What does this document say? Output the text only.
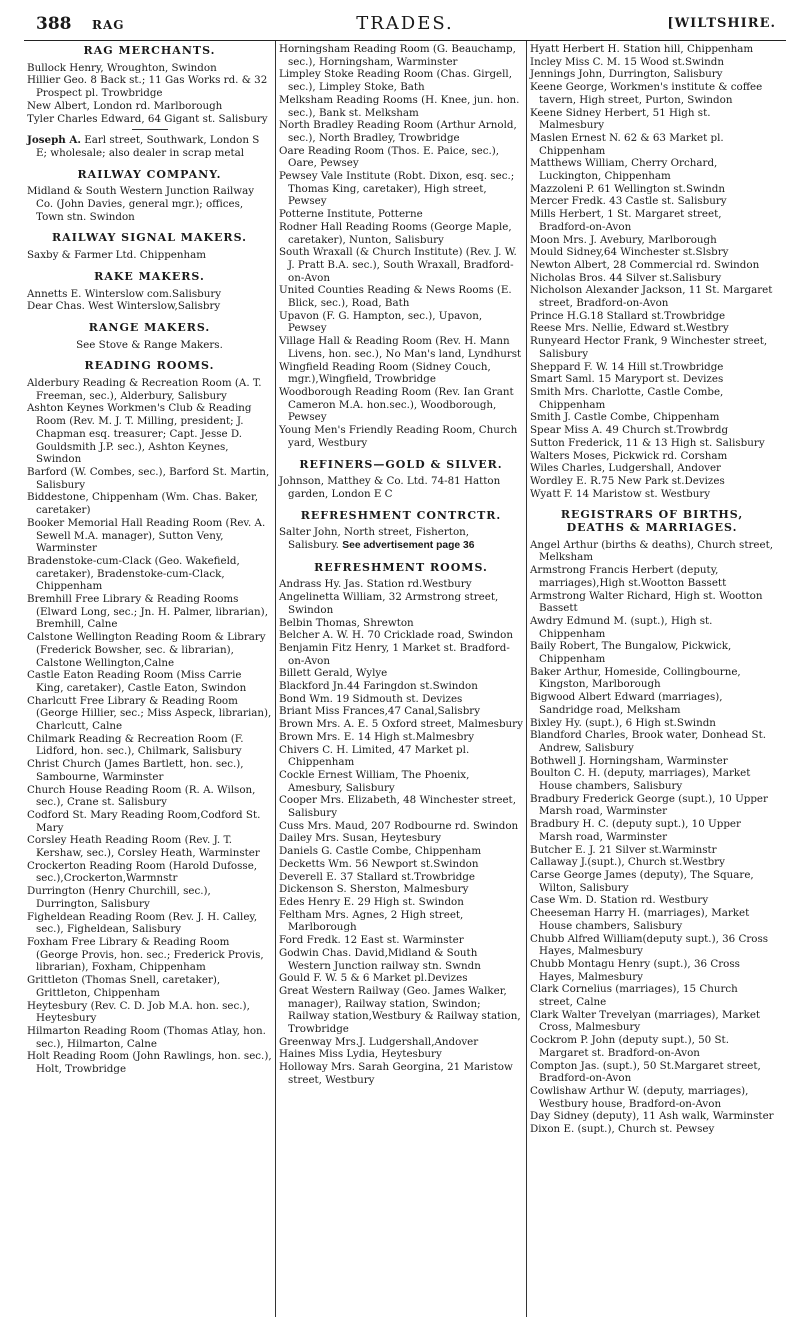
388 RAG	TRADES.	[WILTSHIRE.
RAG MERCHANTS.
Bullock Henry, Wroughton, Swindon
Hillier Geo. 8 Back st.; 11 Gas Works rd. & 32 Prospect pl. Trowbridge
New Albert, London rd. Marlborough
Tyler Charles Edward, 64 Gigant st. Salisbury
Joseph A. Earl street, Southwark, London S E; wholesale; also dealer in scrap metal
RAILWAY COMPANY.
Midland & South Western Junction Railway Co. (John Davies, general mgr.); offices, Town stn. Swindon
RAILWAY SIGNAL MAKERS.
Saxby & Farmer Ltd. Chippenham
RAKE MAKERS.
Annetts E. Winterslow com.Salisbury
Dear Chas. West Winterslow,Salisbry
RANGE MAKERS.
See Stove & Range Makers.
READING ROOMS.
Alderbury Reading & Recreation Room (A. T. Freeman, sec.), Alderbury, Salisbury
Ashton Keynes Workmen's Club & Reading Room (Rev. M. J. T. Milling, president; J. Chapman esq. treasurer; Capt. Jesse D. Gouldsmith J.P. sec.), Ashton Keynes, Swindon
Barford (W. Combes, sec.), Barford St. Martin, Salisbury
Biddestone, Chippenham (Wm. Chas. Baker, caretaker)
Booker Memorial Hall Reading Room (Rev. A. Sewell M.A. manager), Sutton Veny, Warminster
Bradenstoke-cum-Clack (Geo. Wakefield, caretaker), Bradenstoke-cum-Clack, Chippenham
Bremhill Free Library & Reading Rooms (Elward Long, sec.; Jn. H. Palmer, librarian), Bremhill, Calne
Calstone Wellington Reading Room & Library (Frederick Bowsher, sec. & librarian), Calstone Wellington,Calne
Castle Eaton Reading Room (Miss Carrie King, caretaker), Castle Eaton, Swindon
Charlcutt Free Library & Reading Room (George Hillier, sec.; Miss Aspeck, librarian), Charlcutt, Calne
Chilmark Reading & Recreation Room (F. Lidford, hon. sec.), Chilmark, Salisbury
Christ Church (James Bartlett, hon. sec.), Sambourne, Warminster
Church House Reading Room (R. A. Wilson, sec.), Crane st. Salisbury
Codford St. Mary Reading Room,Codford St. Mary
Corsley Heath Reading Room (Rev. J. T. Kershaw, sec.), Corsley Heath, Warminster
Crockerton Reading Room (Harold Dufosse, sec.),Crockerton,Warmnstr
Durrington (Henry Churchill, sec.), Durrington, Salisbury
Figheldean Reading Room (Rev. J. H. Calley, sec.), Figheldean, Salisbury
Foxham Free Library & Reading Room (George Provis, hon. sec.; Frederick Provis, librarian), Foxham, Chippenham
Grittleton (Thomas Snell, caretaker), Grittleton, Chippenham
Heytesbury (Rev. C. D. Job M.A. hon. sec.), Heytesbury
Hilmarton Reading Room (Thomas Atlay, hon. sec.), Hilmarton, Calne
Holt Reading Room (John Rawlings, hon. sec.), Holt, Trowbridge
Horningsham Reading Room (G. Beauchamp, sec.), Horningsham, Warminster
Limpley Stoke Reading Room (Chas. Girgell, sec.), Limpley Stoke, Bath
Melksham Reading Rooms (H. Knee, jun. hon. sec.), Bank st. Melksham
North Bradley Reading Room (Arthur Arnold, sec.), North Bradley, Trowbridge
Oare Reading Room (Thos. E. Paice, sec.), Oare, Pewsey
Pewsey Vale Institute (Robt. Dixon, esq. sec.; Thomas King, caretaker), High street, Pewsey
Potterne Institute, Potterne
Rodner Hall Reading Rooms (George Maple, caretaker), Nunton, Salisbury
South Wraxall (& Church Institute) (Rev. J. W. J. Pratt B.A. sec.), South Wraxall, Bradford-on-Avon
United Counties Reading & News Rooms (E. Blick, sec.), Road, Bath
Upavon (F. G. Hampton, sec.), Upavon, Pewsey
Village Hall & Reading Room (Rev. H. Mann Livens, hon. sec.), No Man's land, Lyndhurst
Wingfield Reading Room (Sidney Couch, mgr.),Wingfield, Trowbridge
Woodborough Reading Room (Rev. Ian Grant Cameron M.A. hon.sec.), Woodborough, Pewsey
Young Men's Friendly Reading Room, Church yard, Westbury
REFINERS—GOLD & SILVER.
Johnson, Matthey & Co. Ltd. 74-81 Hatton garden, London E C
REFRESHMENT CONTRCTR.
Salter John, North street, Fisherton, Salisbury. See advertisement page 36
REFRESHMENT ROOMS.
Andrass Hy. Jas. Station rd.Westbury
Angelinetta William, 32 Armstrong street, Swindon
Belbin Thomas, Shrewton
Belcher A. W. H. 70 Cricklade road, Swindon
Benjamin Fitz Henry, 1 Market st. Bradford-on-Avon
Billett Gerald, Wylye
Blackford Jn.44 Faringdon st.Swindon
Bond Wm. 19 Sidmouth st. Devizes
Briant Miss Frances,47 Canal,Salisbry
Brown Mrs. A. E. 5 Oxford street, Malmesbury
Brown Mrs. E. 14 High st.Malmesbry
Chivers C. H. Limited, 47 Market pl. Chippenham
Cockle Ernest William, The Phoenix, Amesbury, Salisbury
Cooper Mrs. Elizabeth, 48 Winchester street, Salisbury
Cuss Mrs. Maud, 207 Rodbourne rd. Swindon
Dailey Mrs. Susan, Heytesbury
Daniels G. Castle Combe, Chippenham
Decketts Wm. 56 Newport st.Swindon
Deverell E. 37 Stallard st.Trowbridge
Dickenson S. Sherston, Malmesbury
Edes Henry E. 29 High st. Swindon
Feltham Mrs. Agnes, 2 High street, Marlborough
Ford Fredk. 12 East st. Warminster
Godwin Chas. David,Midland & South Western Junction railway stn. Swndn
Gould F. W. 5 & 6 Market pl.Devizes
Great Western Railway (Geo. James Walker, manager), Railway station, Swindon; Railway station,Westbury & Railway station, Trowbridge
Greenway Mrs.J. Ludgershall,Andover
Haines Miss Lydia, Heytesbury
Holloway Mrs. Sarah Georgina, 21 Maristow street, Westbury
Hyatt Herbert H. Station hill, Chippenham
Incley Miss C. M. 15 Wood st.Swindn
Jennings John, Durrington, Salisbury
Keene George, Workmen's institute & coffee tavern, High street, Purton, Swindon
Keene Sidney Herbert, 51 High st. Malmesbury
Maslen Ernest N. 62 & 63 Market pl. Chippenham
Matthews William, Cherry Orchard, Luckington, Chippenham
Mazzoleni P. 61 Wellington st.Swindn
Mercer Fredk. 43 Castle st. Salisbury
Mills Herbert, 1 St. Margaret street, Bradford-on-Avon
Moon Mrs. J. Avebury, Marlborough
Mould Sidney,64 Winchester st.Slsbry
Newton Albert, 28 Commercial rd. Swindon
Nicholas Bros. 44 Silver st.Salisbury
Nicholson Alexander Jackson, 11 St. Margaret street, Bradford-on-Avon
Prince H.G.18 Stallard st.Trowbridge
Reese Mrs. Nellie, Edward st.Westbry
Runyeard Hector Frank, 9 Winchester street, Salisbury
Sheppard F. W. 14 Hill st.Trowbridge
Smart Saml. 15 Maryport st. Devizes
Smith Mrs. Charlotte, Castle Combe, Chippenham
Smith J. Castle Combe, Chippenham
Spear Miss A. 49 Church st.Trowbrdg
Sutton Frederick, 11 & 13 High st. Salisbury
Walters Moses, Pickwick rd. Corsham
Wiles Charles, Ludgershall, Andover
Wordley E. R.75 New Park st.Devizes
Wyatt F. 14 Maristow st. Westbury
REGISTRARS OF BIRTHS, DEATHS & MARRIAGES.
Angel Arthur (births & deaths), Church street, Melksham
Armstrong Francis Herbert (deputy, marriages),High st.Wootton Bassett
Armstrong Walter Richard, High st. Wootton Bassett
Awdry Edmund M. (supt.), High st. Chippenham
Baily Robert, The Bungalow, Pickwick, Chippenham
Baker Arthur, Homeside, Collingbourne, Kingston, Marlborough
Bigwood Albert Edward (marriages), Sandridge road, Melksham
Bixley Hy. (supt.), 6 High st.Swindn
Blandford Charles, Brook water, Donhead St. Andrew, Salisbury
Bothwell J. Horningsham, Warminster
Boulton C. H. (deputy, marriages), Market House chambers, Salisbury
Bradbury Frederick George (supt.), 10 Upper Marsh road, Warminster
Bradbury H. C. (deputy supt.), 10 Upper Marsh road, Warminster
Butcher E. J. 21 Silver st.Warminstr
Callaway J.(supt.), Church st.Westbry
Carse George James (deputy), The Square, Wilton, Salisbury
Case Wm. D. Station rd. Westbury
Cheeseman Harry H. (marriages), Market House chambers, Salisbury
Chubb Alfred William(deputy supt.), 36 Cross Hayes, Malmesbury
Chubb Montagu Henry (supt.), 36 Cross Hayes, Malmesbury
Clark Cornelius (marriages), 15 Church street, Calne
Clark Walter Trevelyan (marriages), Market Cross, Malmesbury
Cockrom P. John (deputy supt.), 50 St. Margaret st. Bradford-on-Avon
Compton Jas. (supt.), 50 St.Margaret street, Bradford-on-Avon
Cowlishaw Arthur W. (deputy, marriages), Westbury house, Bradford-on-Avon
Day Sidney (deputy), 11 Ash walk, Warminster
Dixon E. (supt.), Church st. Pewsey
